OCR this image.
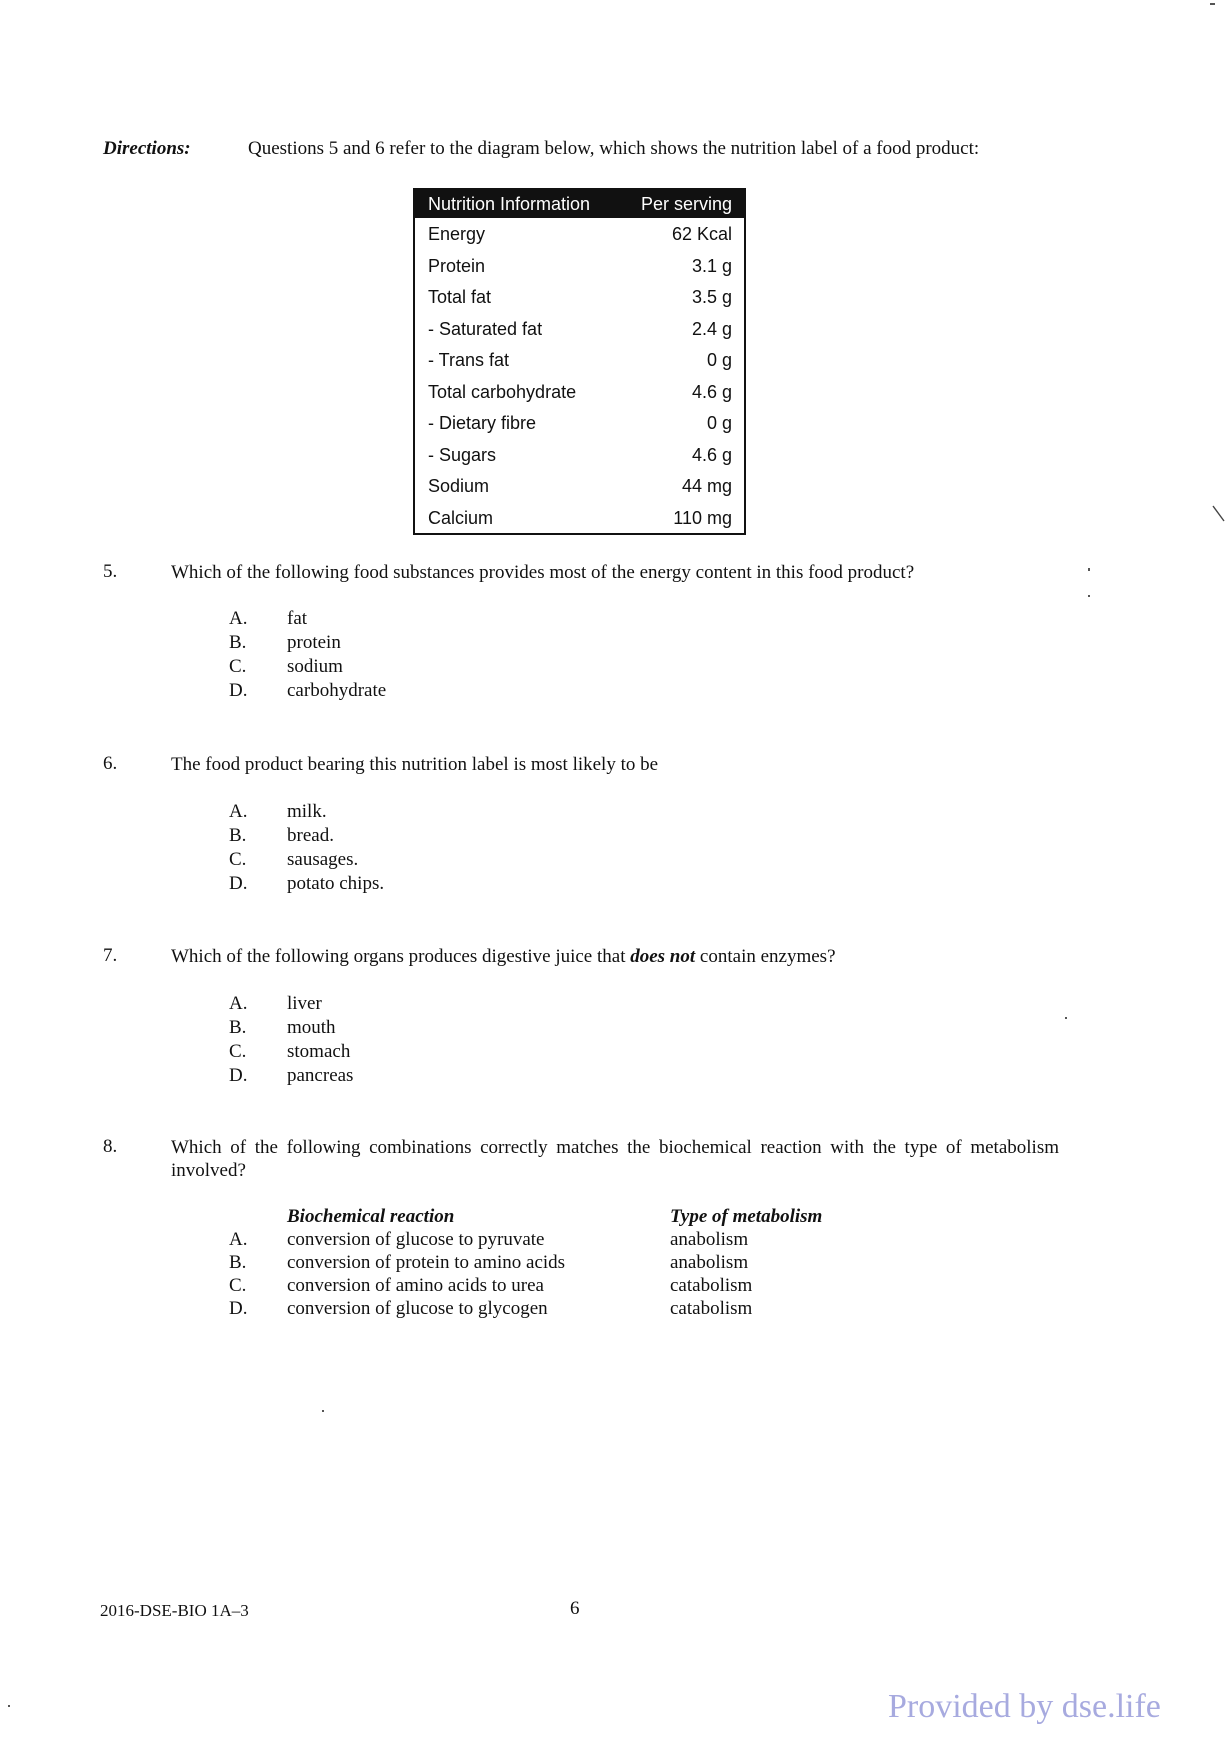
Directions:	Questions 5 and 6 refer to the diagram below, which shows the nutrition label of a food product:
Nutrition Information	Per serving
Energy	62 Kcal
Protein	3.1 g
Total fat	3.5 g
- Saturated fat	2.4 g
- Trans fat	0 g
Total carbohydrate	4.6 g
- Dietary fibre	0 g
- Sugars	4.6 g
Sodium	44 mg
Calcium	110 mg
5.	Which of the following food substances provides most of the energy content in this food product?
A.	fat
B.	protein
C.	sodium
D.	carbohydrate
6.	The food product bearing this nutrition label is most likely to be
A.	milk.
B.	bread.
C.	sausages.
D.	potato chips.
7.	Which of the following organs produces digestive juice that does not contain enzymes?
A.	liver
B.	mouth
C.	stomach
D.	pancreas
8.	Which of the following combinations correctly matches the biochemical reaction with the type of metabolism involved?
Biochemical reaction	Type of metabolism
A.	conversion of glucose to pyruvate	anabolism
B.	conversion of protein to amino acids	anabolism
C.	conversion of amino acids to urea	catabolism
D.	conversion of glucose to glycogen	catabolism
2016-DSE-BIO 1A–3	6
Provided by dse.life
